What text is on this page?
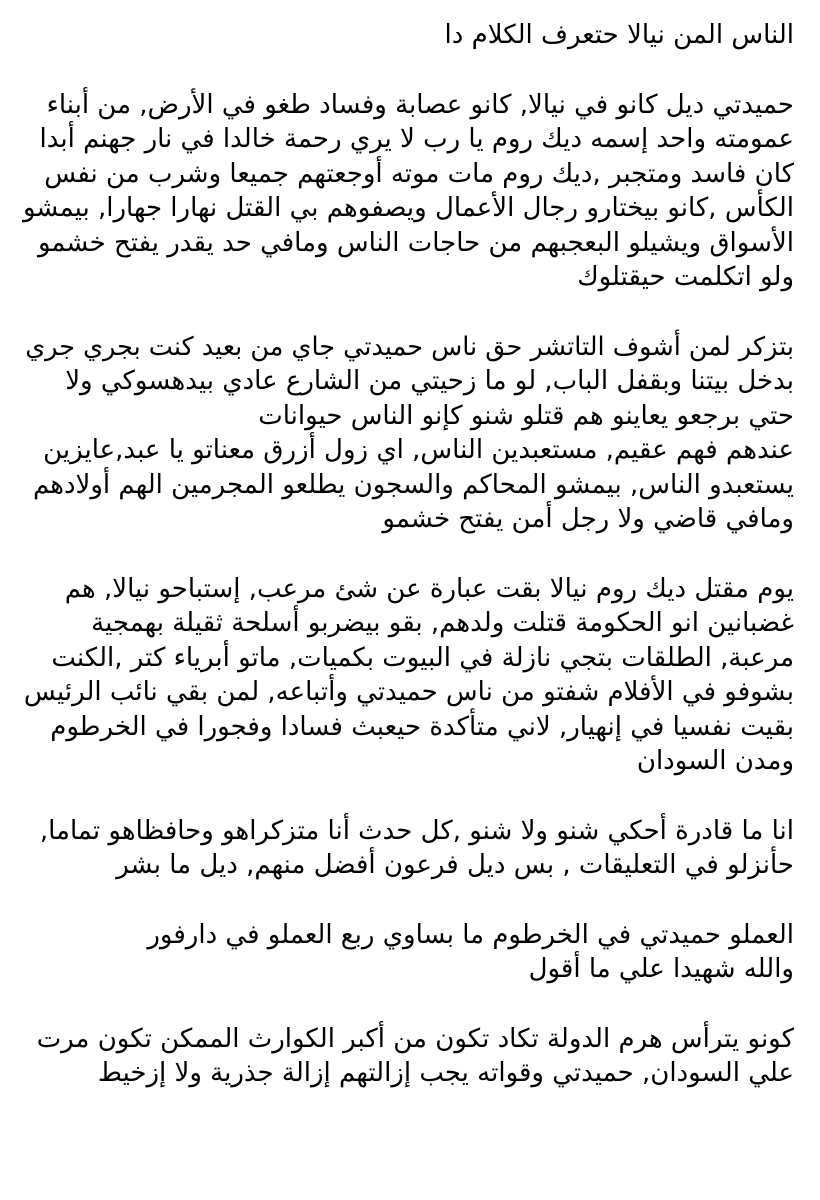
الناس المن نيالا حتعرف الكلام دا
حميدتي ديل كانو في نيالا, كانو عصابة وفساد طغو في الأرض, من أبناء
عمومته واحد إسمه ديك روم يا رب لا يري رحمة خالدا في نار جهنم أبدا
كان فاسد ومتجبر ,ديك روم مات موته أوجعتهم جميعا وشرب من نفس
الكأس ,كانو بيختارو رجال الأعمال ويصفوهم بي القتل نهارا جهارا, بيمشو
الأسواق ويشيلو البعجبهم من حاجات الناس ومافي حد يقدر يفتح خشمو
ولو اتكلمت حيقتلوك
بتزكر لمن أشوف التاتشر حق ناس حميدتي جاي من بعيد كنت بجري جري
بدخل بيتنا وبقفل الباب, لو ما زحيتي من الشارع عادي بيدهسوكي ولا
حتي برجعو يعاينو هم قتلو شنو كإنو الناس حيوانات
عندهم فهم عقيم, مستعبدين الناس, اي زول أزرق معناتو يا عبد,عايزين
يستعبدو الناس, بيمشو المحاكم والسجون يطلعو المجرمين الهم أولادهم
ومافي قاضي ولا رجل أمن يفتح خشمو
يوم مقتل ديك روم نيالا بقت عبارة عن شئ مرعب, إستباحو نيالا, هم
غضبانين انو الحكومة قتلت ولدهم, بقو بيضربو أسلحة ثقيلة بهمجية
مرعبة, الطلقات بتجي نازلة في البيوت بكميات, ماتو أبرياء كتر ,الكنت
بشوفو في الأفلام شفتو من ناس حميدتي وأتباعه, لمن بقي نائب الرئيس
بقيت نفسيا في إنهيار, لاني متأكدة حيعبث فسادا وفجورا في الخرطوم
ومدن السودان
انا ما قادرة أحكي شنو ولا شنو ,كل حدث أنا متزكراهو وحافظاهو تماما,
حأنزلو في التعليقات , بس ديل فرعون أفضل منهم, ديل ما بشر
العملو حميدتي في الخرطوم ما بساوي ربع العملو في دارفور
والله شهيدا علي ما أقول
كونو يترأس هرم الدولة تكاد تكون من أكبر الكوارث الممكن تكون مرت
علي السودان, حميدتي وقواته يجب إزالتهم إزالة جذرية ولا إزخيط
